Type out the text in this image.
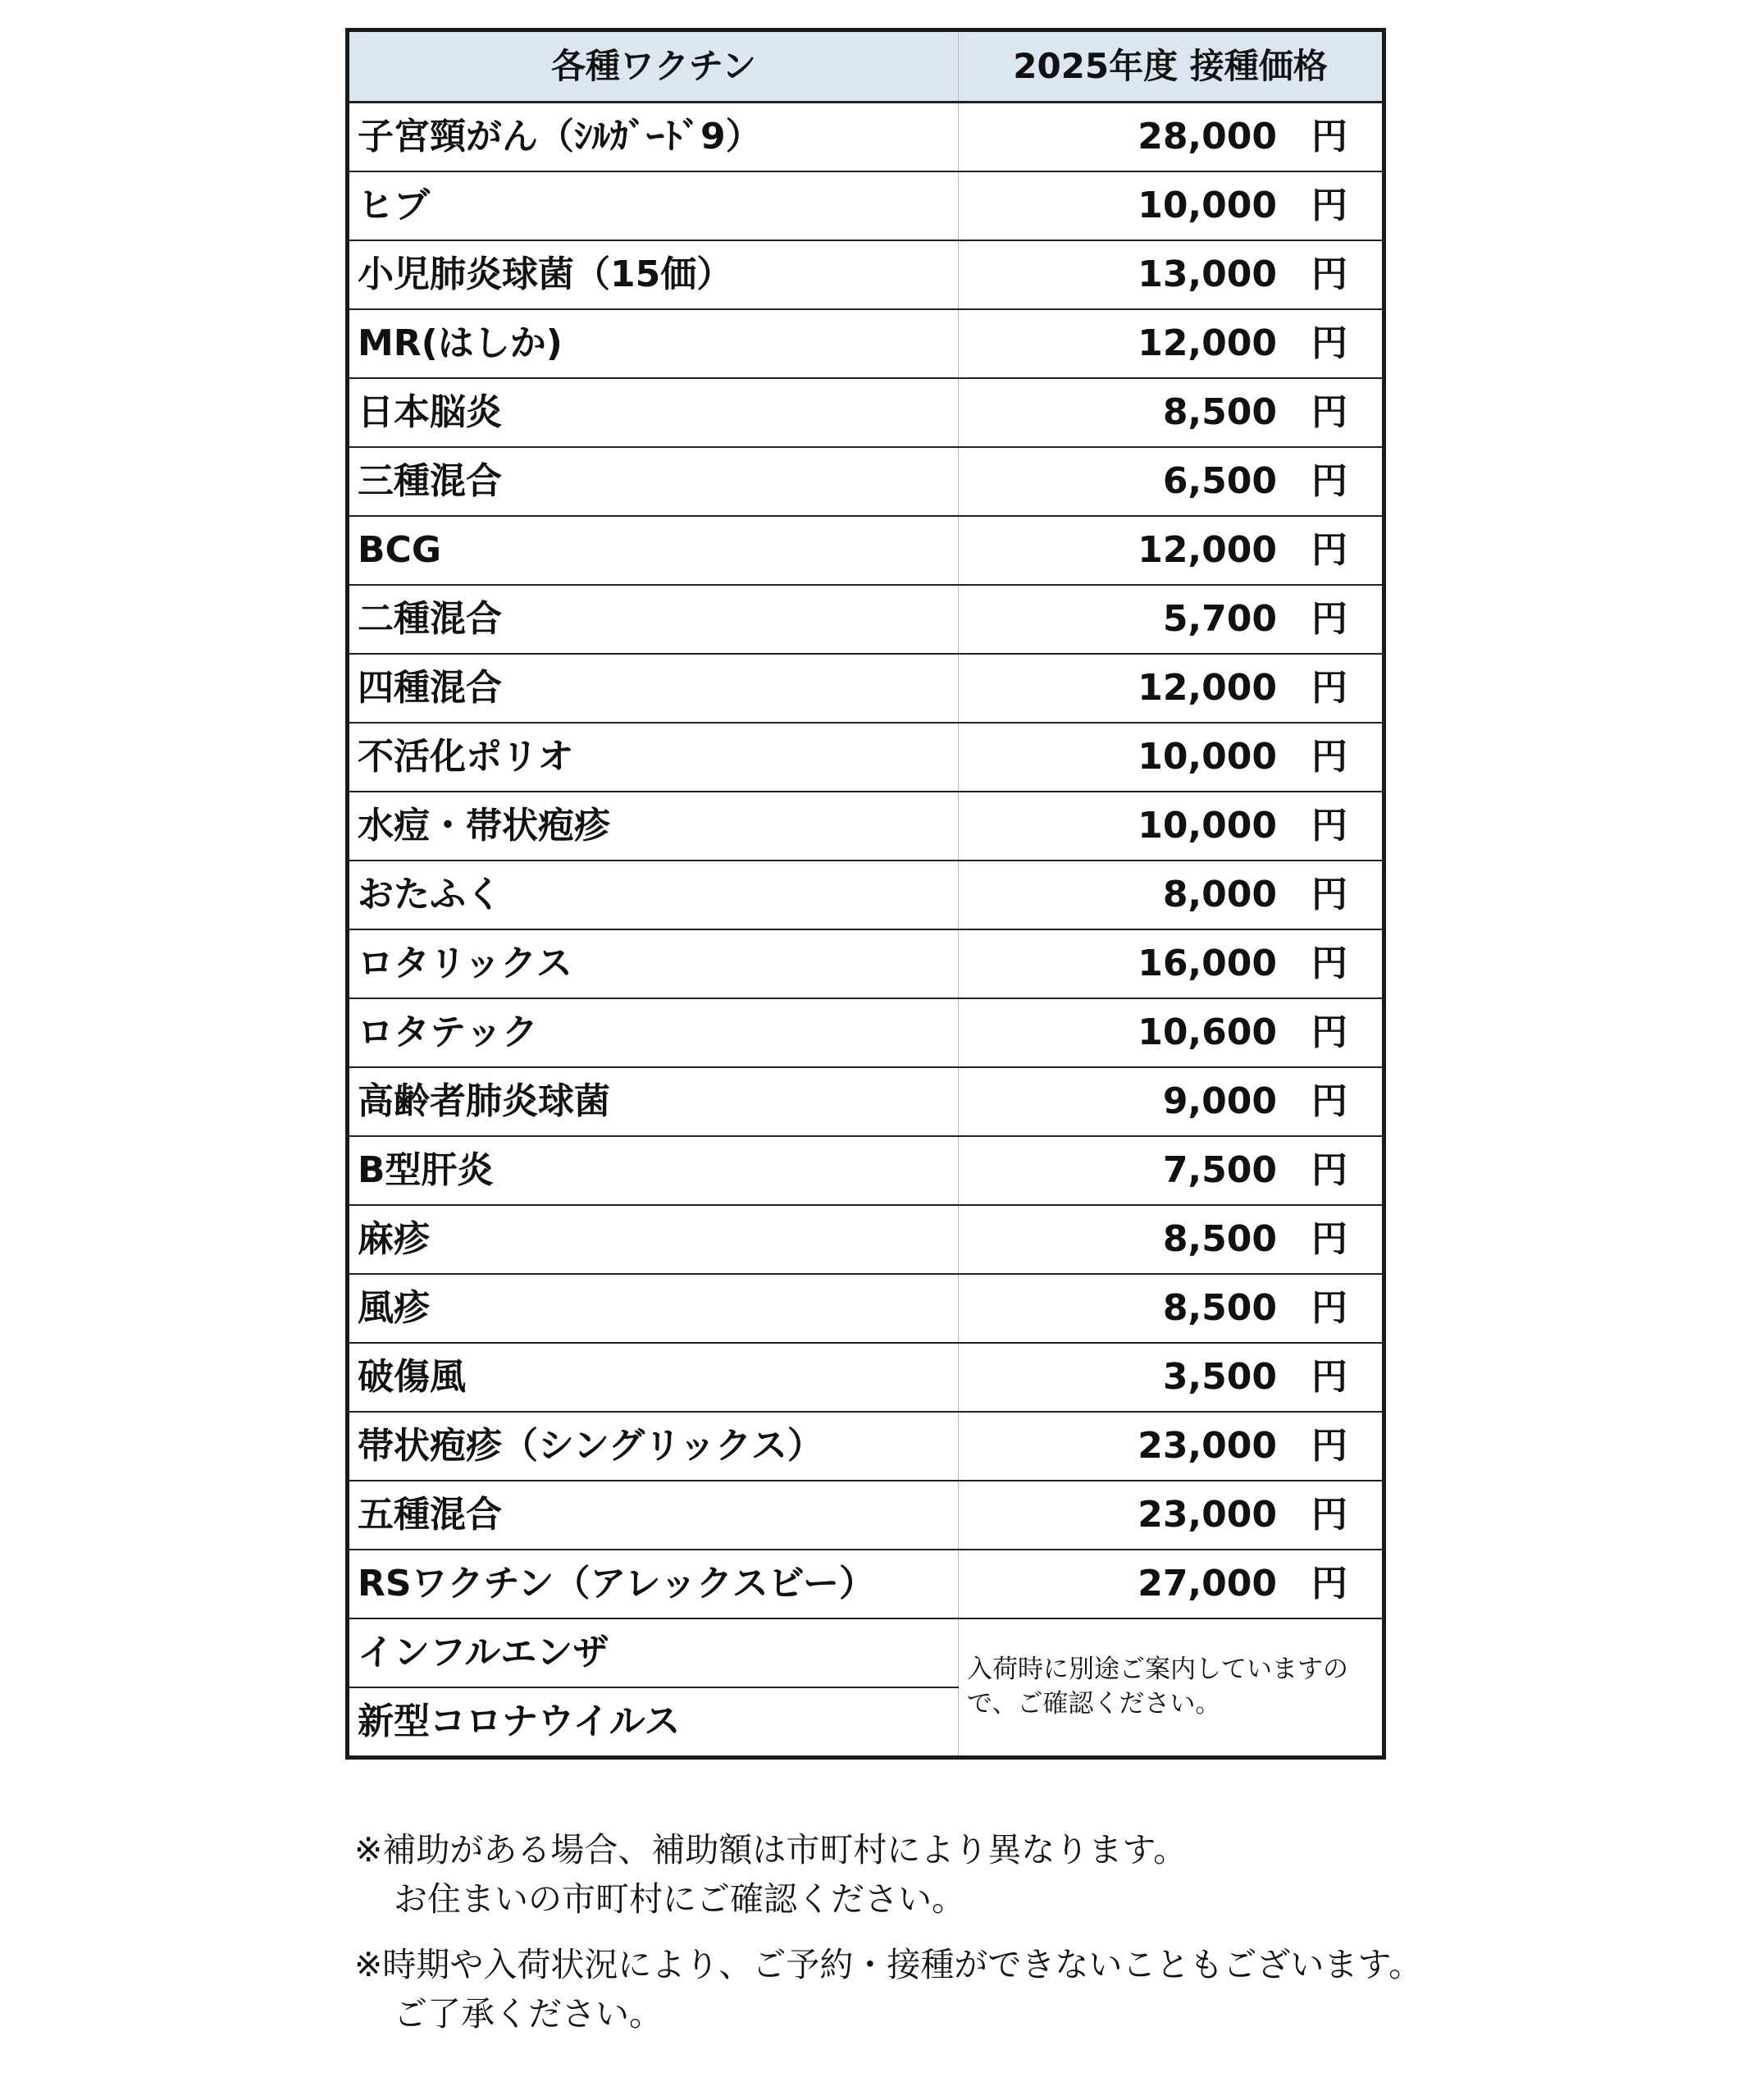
各種ワクチン	2025年度 接種価格
子宮頸がん（ｼﾙｶﾞｰﾄﾞ9）	28,000 円
ヒブ	10,000 円
小児肺炎球菌（15価）	13,000 円
MR(はしか)	12,000 円
日本脳炎	8,500 円
三種混合	6,500 円
BCG	12,000 円
二種混合	5,700 円
四種混合	12,000 円
不活化ポリオ	10,000 円
水痘・帯状疱疹	10,000 円
おたふく	8,000 円
ロタリックス	16,000 円
ロタテック	10,600 円
高齢者肺炎球菌	9,000 円
B型肝炎	7,500 円
麻疹	8,500 円
風疹	8,500 円
破傷風	3,500 円
帯状疱疹（シングリックス）	23,000 円
五種混合	23,000 円
RSワクチン（アレックスビー）	27,000 円
インフルエンザ	入荷時に別途ご案内していますので、ご確認ください。
新型コロナウイルス	
※補助がある場合、補助額は市町村により異なります。
お住まいの市町村にご確認ください。
※時期や入荷状況により、ご予約・接種ができないこともございます。
ご了承ください。
